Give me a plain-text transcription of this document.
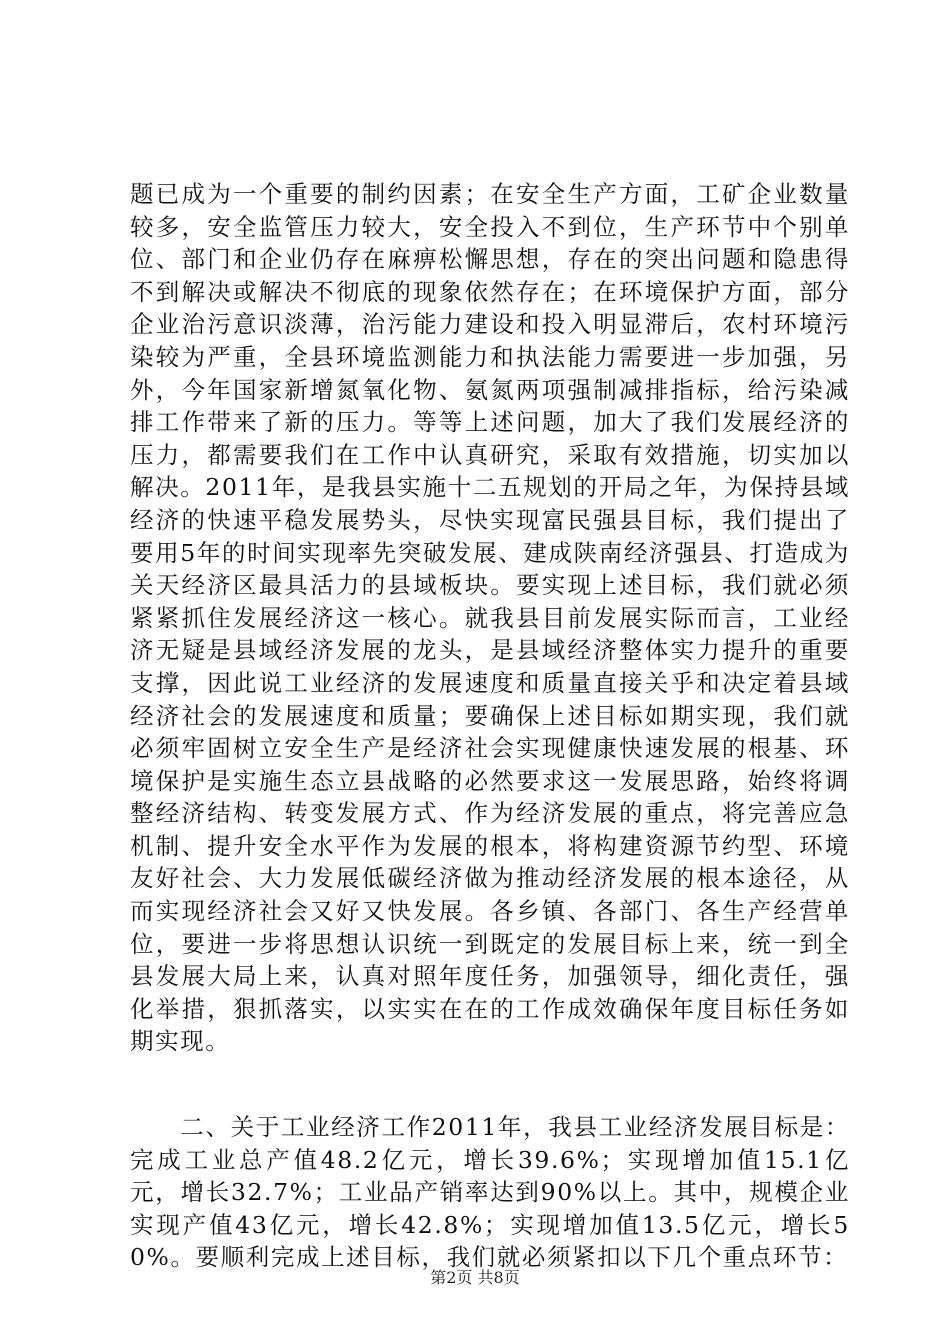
题已成为一个重要的制约因素；在安全生产方面，工矿企业数量较多，安全监管压力较大，安全投入不到位，生产环节中个别单位、部门和企业仍存在麻痹松懈思想，存在的突出问题和隐患得不到解决或解决不彻底的现象依然存在；在环境保护方面，部分企业治污意识淡薄，治污能力建设和投入明显滞后，农村环境污染较为严重，全县环境监测能力和执法能力需要进一步加强，另外，今年国家新增氮氧化物、氨氮两项强制减排指标，给污染减排工作带来了新的压力。等等上述问题，加大了我们发展经济的压力，都需要我们在工作中认真研究，采取有效措施，切实加以解决。2011年，是我县实施十二五规划的开局之年，为保持县域经济的快速平稳发展势头，尽快实现富民强县目标，我们提出了要用5年的时间实现率先突破发展、建成陕南经济强县、打造成为关天经济区最具活力的县域板块。要实现上述目标，我们就必须紧紧抓住发展经济这一核心。就我县目前发展实际而言，工业经济无疑是县域经济发展的龙头，是县域经济整体实力提升的重要支撑，因此说工业经济的发展速度和质量直接关乎和决定着县域经济社会的发展速度和质量；要确保上述目标如期实现，我们就必须牢固树立安全生产是经济社会实现健康快速发展的根基、环境保护是实施生态立县战略的必然要求这一发展思路，始终将调整经济结构、转变发展方式、作为经济发展的重点，将完善应急机制、提升安全水平作为发展的根本，将构建资源节约型、环境友好社会、大力发展低碳经济做为推动经济发展的根本途径，从而实现经济社会又好又快发展。各乡镇、各部门、各生产经营单位，要进一步将思想认识统一到既定的发展目标上来，统一到全县发展大局上来，认真对照年度任务，加强领导，细化责任，强化举措，狠抓落实，以实实在在的工作成效确保年度目标任务如期实现。

　　二、关于工业经济工作2011年，我县工业经济发展目标是：完成工业总产值48.2亿元，增长39.6%；实现增加值15.1亿元，增长32.7%；工业品产销率达到90%以上。其中，规模企业实现产值43亿元，增长42.8%；实现增加值13.5亿元，增长50%。要顺利完成上述目标，我们就必须紧扣以下几个重点环节：

第2页 共8页
